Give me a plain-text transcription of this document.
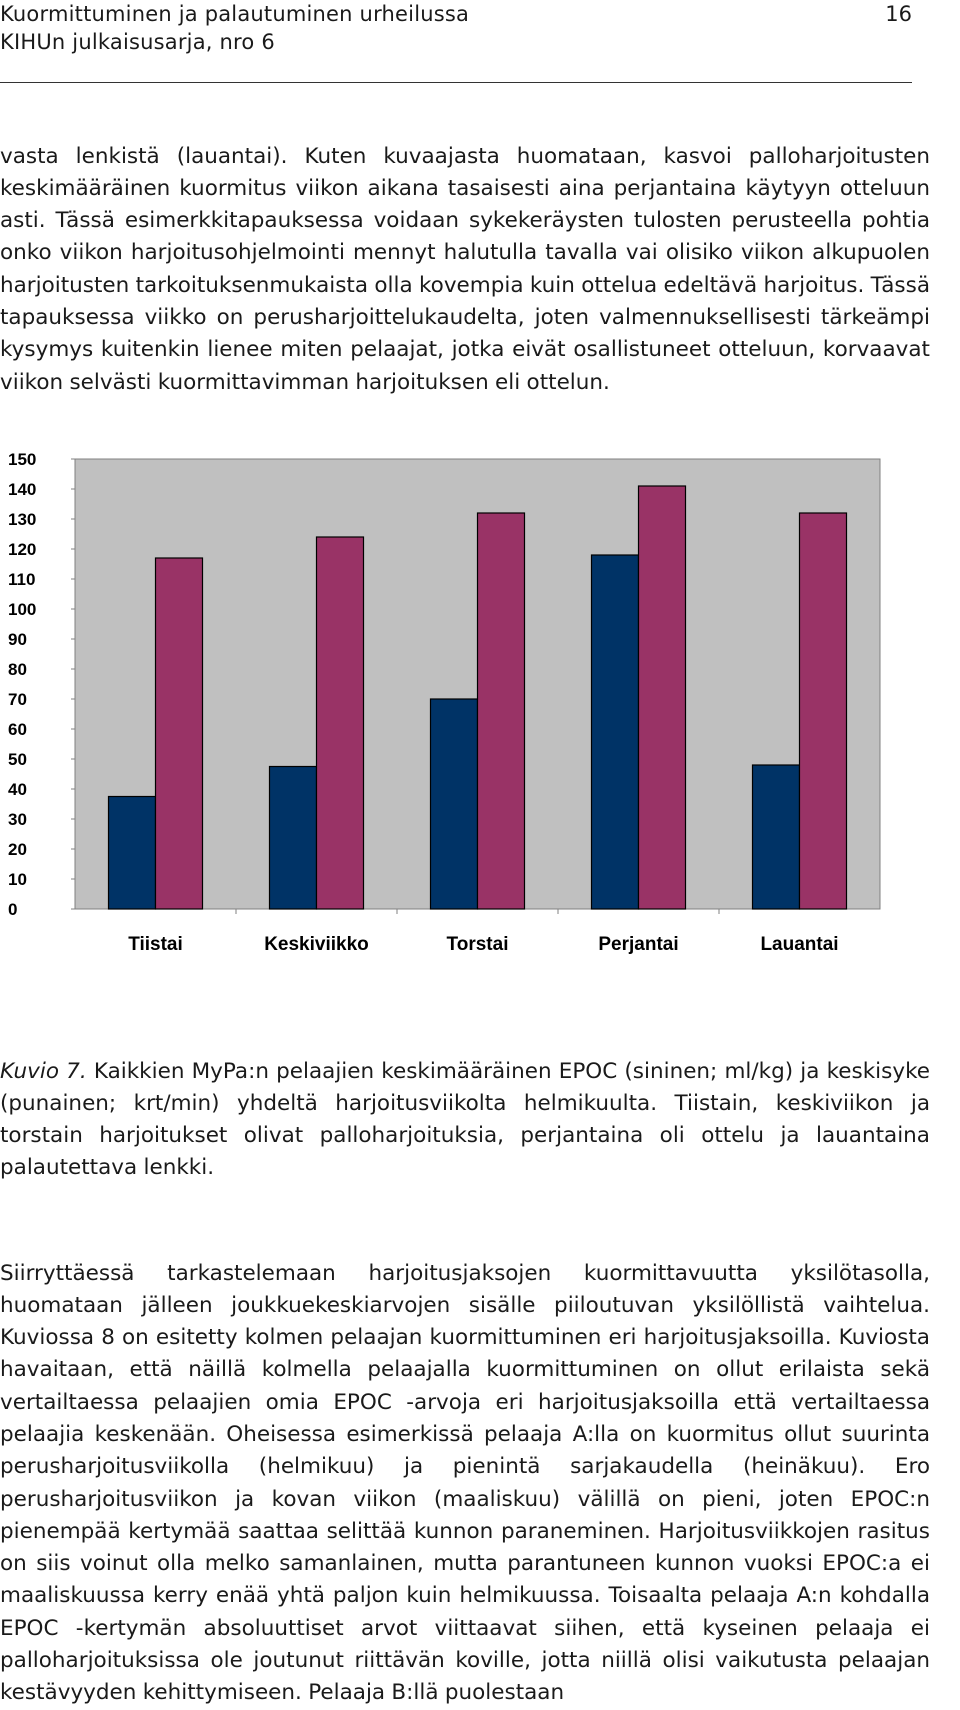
Kuormittuminen ja palautuminen urheilussa
KIHUn julkaisusarja, nro 6
16

vasta lenkistä (lauantai). Kuten kuvaajasta huomataan, kasvoi palloharjoitusten keskimääräinen kuormitus viikon aikana tasaisesti aina perjantaina käytyyn otteluun asti. Tässä esimerkkitapauksessa voidaan sykekeräysten tulosten perusteella pohtia onko viikon harjoitusohjelmointi mennyt halutulla tavalla vai olisiko viikon alkupuolen harjoitusten tarkoituksenmukaista olla kovempia kuin ottelua edeltävä harjoitus. Tässä tapauksessa viikko on perusharjoittelukaudelta, joten valmennuksellisesti tärkeämpi kysymys kuitenkin lienee miten pelaajat, jotka eivät osallistuneet otteluun, korvaavat viikon selvästi kuormittavimman harjoituksen eli ottelun.

0
10
20
30
40
50
60
70
80
90
100
110
120
130
140
150
Tiistai	Keskiviikko	Torstai	Perjantai	Lauantai

Kuvio 7. Kaikkien MyPa:n pelaajien keskimääräinen EPOC (sininen; ml/kg) ja keskisyke (punainen; krt/min) yhdeltä harjoitusviikolta helmikuulta. Tiistain, keskiviikon ja torstain harjoitukset olivat palloharjoituksia, perjantaina oli ottelu ja lauantaina palautettava lenkki.

Siirryttäessä tarkastelemaan harjoitusjaksojen kuormittavuutta yksilötasolla, huomataan jälleen joukkuekeskiarvojen sisälle piiloutuvan yksilöllistä vaihtelua. Kuviossa 8 on esitetty kolmen pelaajan kuormittuminen eri harjoitusjaksoilla. Kuviosta havaitaan, että näillä kolmella pelaajalla kuormittuminen on ollut erilaista sekä vertailtaessa pelaajien omia EPOC -arvoja eri harjoitusjaksoilla että vertailtaessa pelaajia keskenään. Oheisessa esimerkissä pelaaja A:lla on kuormitus ollut suurinta perusharjoitusviikolla (helmikuu) ja pienintä sarjakaudella (heinäkuu). Ero perusharjoitusviikon ja kovan viikon (maaliskuu) välillä on pieni, joten EPOC:n pienempää kertymää saattaa selittää kunnon paraneminen. Harjoitusviikkojen rasitus on siis voinut olla melko samanlainen, mutta parantuneen kunnon vuoksi EPOC:a ei maaliskuussa kerry enää yhtä paljon kuin helmikuussa. Toisaalta pelaaja A:n kohdalla EPOC -kertymän absoluuttiset arvot viittaavat siihen, että kyseinen pelaaja ei palloharjoituksissa ole joutunut riittävän koville, jotta niillä olisi vaikutusta pelaajan kestävyyden kehittymiseen. Pelaaja B:llä puolestaan
